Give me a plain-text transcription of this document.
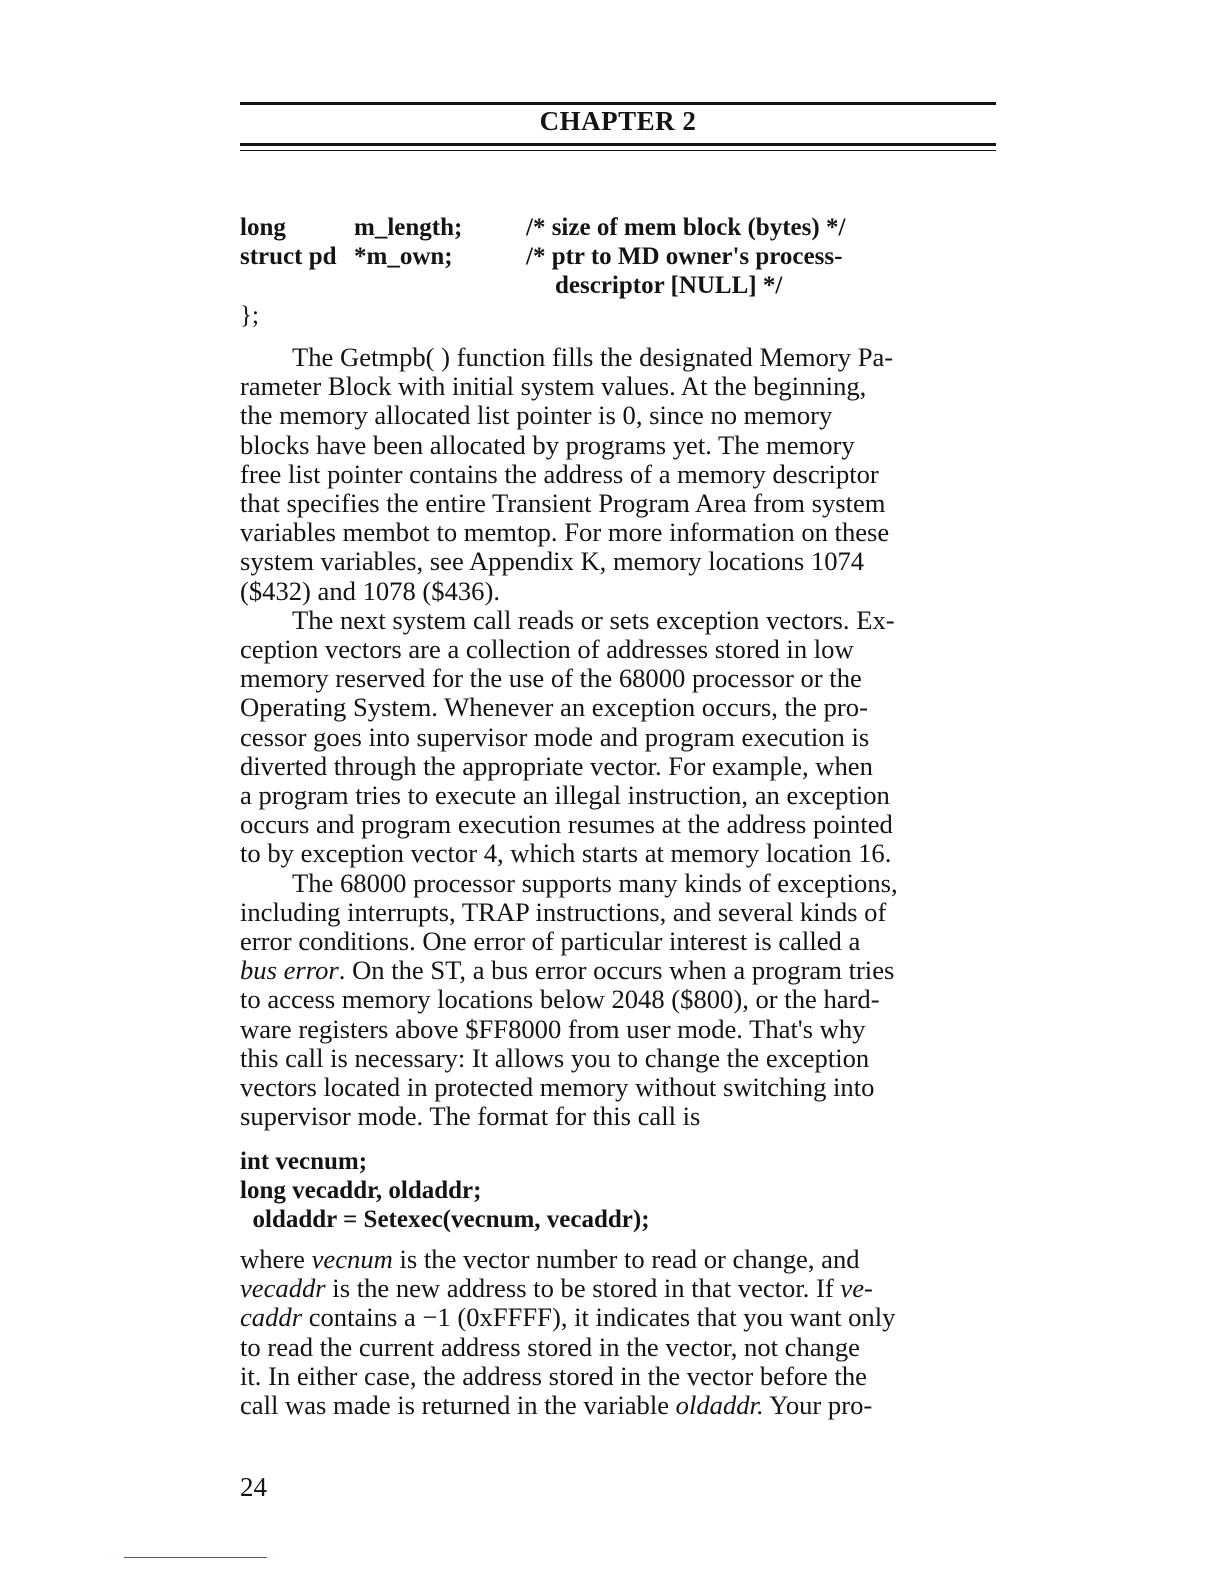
CHAPTER 2
long	m_length;	/* size of mem block (bytes) */
struct pd *m_own;	/* ptr to MD owner's process-
descriptor [NULL] */
};

The Getmpb( ) function fills the designated Memory Pa-
rameter Block with initial system values. At the beginning,
the memory allocated list pointer is 0, since no memory
blocks have been allocated by programs yet. The memory
free list pointer contains the address of a memory descriptor
that specifies the entire Transient Program Area from system
variables membot to memtop. For more information on these
system variables, see Appendix K, memory locations 1074
($432) and 1078 ($436).

The next system call reads or sets exception vectors. Ex-
ception vectors are a collection of addresses stored in low
memory reserved for the use of the 68000 processor or the
Operating System. Whenever an exception occurs, the pro-
cessor goes into supervisor mode and program execution is
diverted through the appropriate vector. For example, when
a program tries to execute an illegal instruction, an exception
occurs and program execution resumes at the address pointed
to by exception vector 4, which starts at memory location 16.

The 68000 processor supports many kinds of exceptions,
including interrupts, TRAP instructions, and several kinds of
error conditions. One error of particular interest is called a
bus error. On the ST, a bus error occurs when a program tries
to access memory locations below 2048 ($800), or the hard-
ware registers above $FF8000 from user mode. That's why
this call is necessary: It allows you to change the exception
vectors located in protected memory without switching into
supervisor mode. The format for this call is

int vecnum;
long vecaddr, oldaddr;
oldaddr = Setexec(vecnum, vecaddr);

where vecnum is the vector number to read or change, and
vecaddr is the new address to be stored in that vector. If ve-
caddr contains a −1 (0xFFFF), it indicates that you want only
to read the current address stored in the vector, not change
it. In either case, the address stored in the vector before the
call was made is returned in the variable oldaddr. Your pro-

24
